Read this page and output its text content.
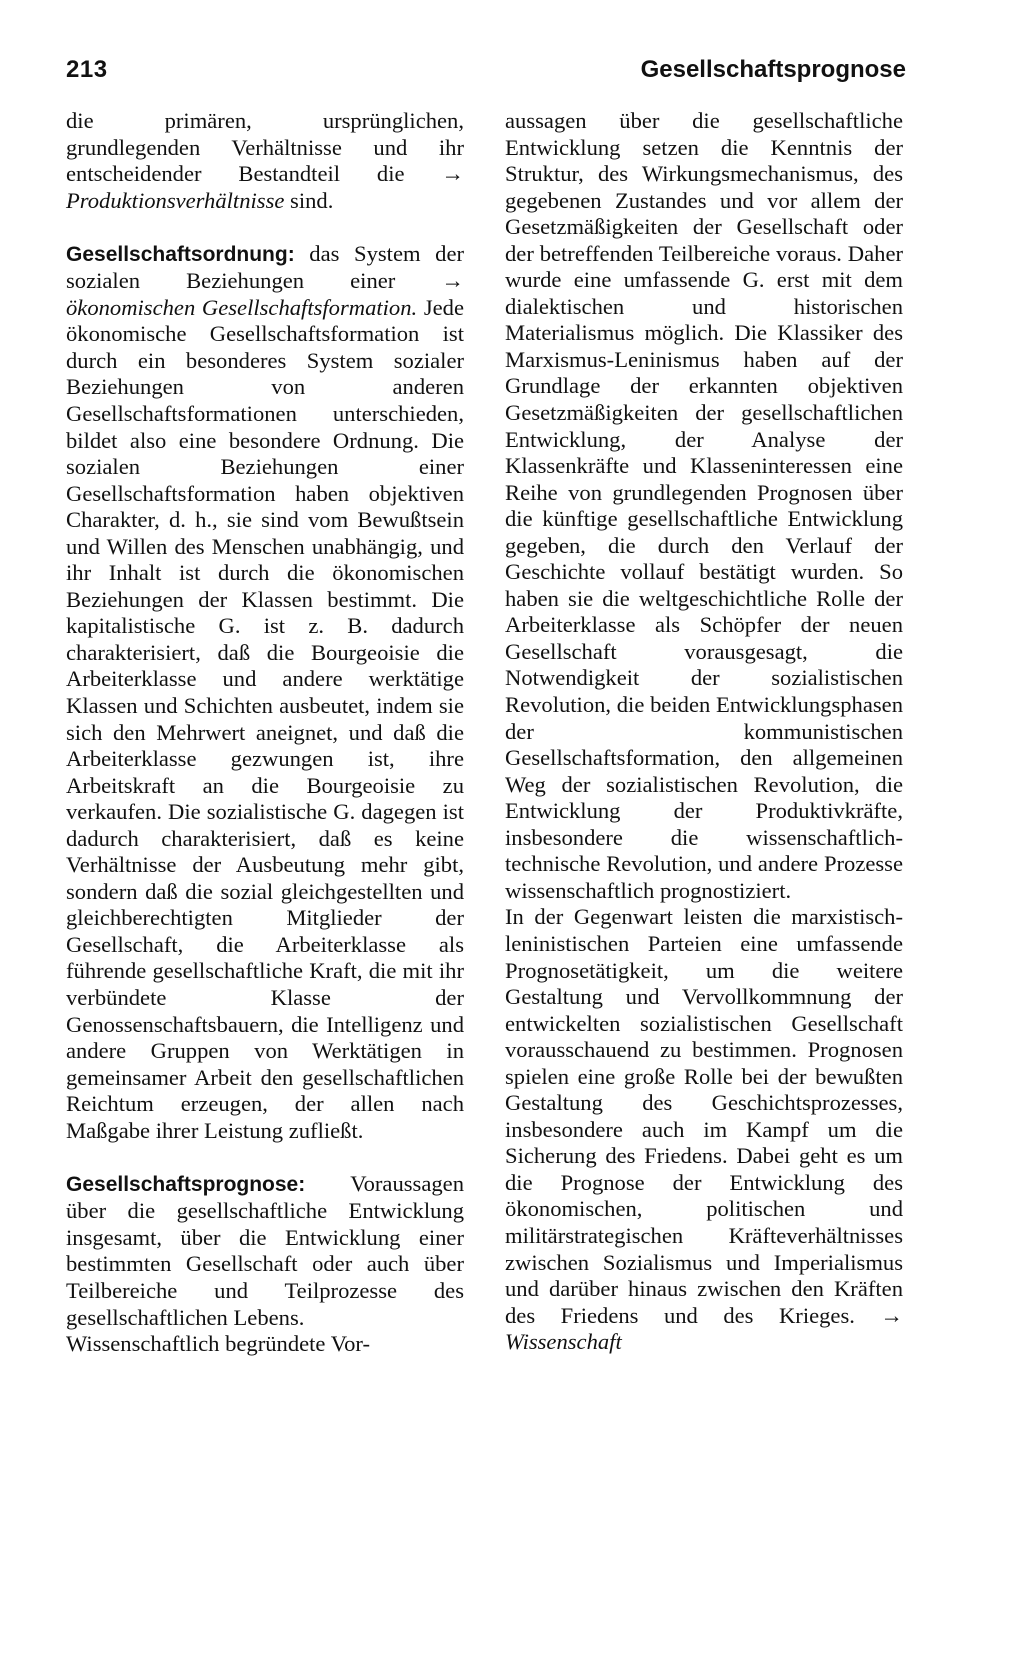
213	Gesellschaftsprognose

die primären, ursprünglichen, grundlegenden Verhältnisse und ihr entscheidender Bestandteil die → Produktionsverhältnisse sind.

Gesellschaftsordnung: das System der sozialen Beziehungen einer → ökonomischen Gesellschaftsformation. Jede ökonomische Gesellschaftsformation ist durch ein besonderes System sozialer Beziehungen von anderen Gesellschaftsformationen unterschieden, bildet also eine besondere Ordnung. Die sozialen Beziehungen einer Gesellschaftsformation haben objektiven Charakter, d. h., sie sind vom Bewußtsein und Willen des Menschen unabhängig, und ihr Inhalt ist durch die ökonomischen Beziehungen der Klassen bestimmt. Die kapitalistische G. ist z. B. dadurch charakterisiert, daß die Bourgeoisie die Arbeiterklasse und andere werktätige Klassen und Schichten ausbeutet, indem sie sich den Mehrwert aneignet, und daß die Arbeiterklasse gezwungen ist, ihre Arbeitskraft an die Bourgeoisie zu verkaufen. Die sozialistische G. dagegen ist dadurch charakterisiert, daß es keine Verhältnisse der Ausbeutung mehr gibt, sondern daß die sozial gleichgestellten und gleichberechtigten Mitglieder der Gesellschaft, die Arbeiterklasse als führende gesellschaftliche Kraft, die mit ihr verbündete Klasse der Genossenschaftsbauern, die Intelligenz und andere Gruppen von Werktätigen in gemeinsamer Arbeit den gesellschaftlichen Reichtum erzeugen, der allen nach Maßgabe ihrer Leistung zufließt.

Gesellschaftsprognose: Voraussagen über die gesellschaftliche Entwicklung insgesamt, über die Entwicklung einer bestimmten Gesellschaft oder auch über Teilbereiche und Teilprozesse des gesellschaftlichen Lebens.

Wissenschaftlich begründete Vor-

aussagen über die gesellschaftliche Entwicklung setzen die Kenntnis der Struktur, des Wirkungsmechanismus, des gegebenen Zustandes und vor allem der Gesetzmäßigkeiten der Gesellschaft oder der betreffenden Teilbereiche voraus. Daher wurde eine umfassende G. erst mit dem dialektischen und historischen Materialismus möglich. Die Klassiker des Marxismus-Leninismus haben auf der Grundlage der erkannten objektiven Gesetzmäßigkeiten der gesellschaftlichen Entwicklung, der Analyse der Klassenkräfte und Klasseninteressen eine Reihe von grundlegenden Prognosen über die künftige gesellschaftliche Entwicklung gegeben, die durch den Verlauf der Geschichte vollauf bestätigt wurden. So haben sie die weltgeschichtliche Rolle der Arbeiterklasse als Schöpfer der neuen Gesellschaft vorausgesagt, die Notwendigkeit der sozialistischen Revolution, die beiden Entwicklungsphasen der kommunistischen Gesellschaftsformation, den allgemeinen Weg der sozialistischen Revolution, die Entwicklung der Produktivkräfte, insbesondere die wissenschaftlich-technische Revolution, und andere Prozesse wissenschaftlich prognostiziert.

In der Gegenwart leisten die marxistisch-leninistischen Parteien eine umfassende Prognosetätigkeit, um die weitere Gestaltung und Vervollkommnung der entwickelten sozialistischen Gesellschaft vorausschauend zu bestimmen. Prognosen spielen eine große Rolle bei der bewußten Gestaltung des Geschichtsprozesses, insbesondere auch im Kampf um die Sicherung des Friedens. Dabei geht es um die Prognose der Entwicklung des ökonomischen, politischen und militärstrategischen Kräfteverhältnisses zwischen Sozialismus und Imperialismus und darüber hinaus zwischen den Kräften des Friedens und des Krieges. → Wissenschaft
